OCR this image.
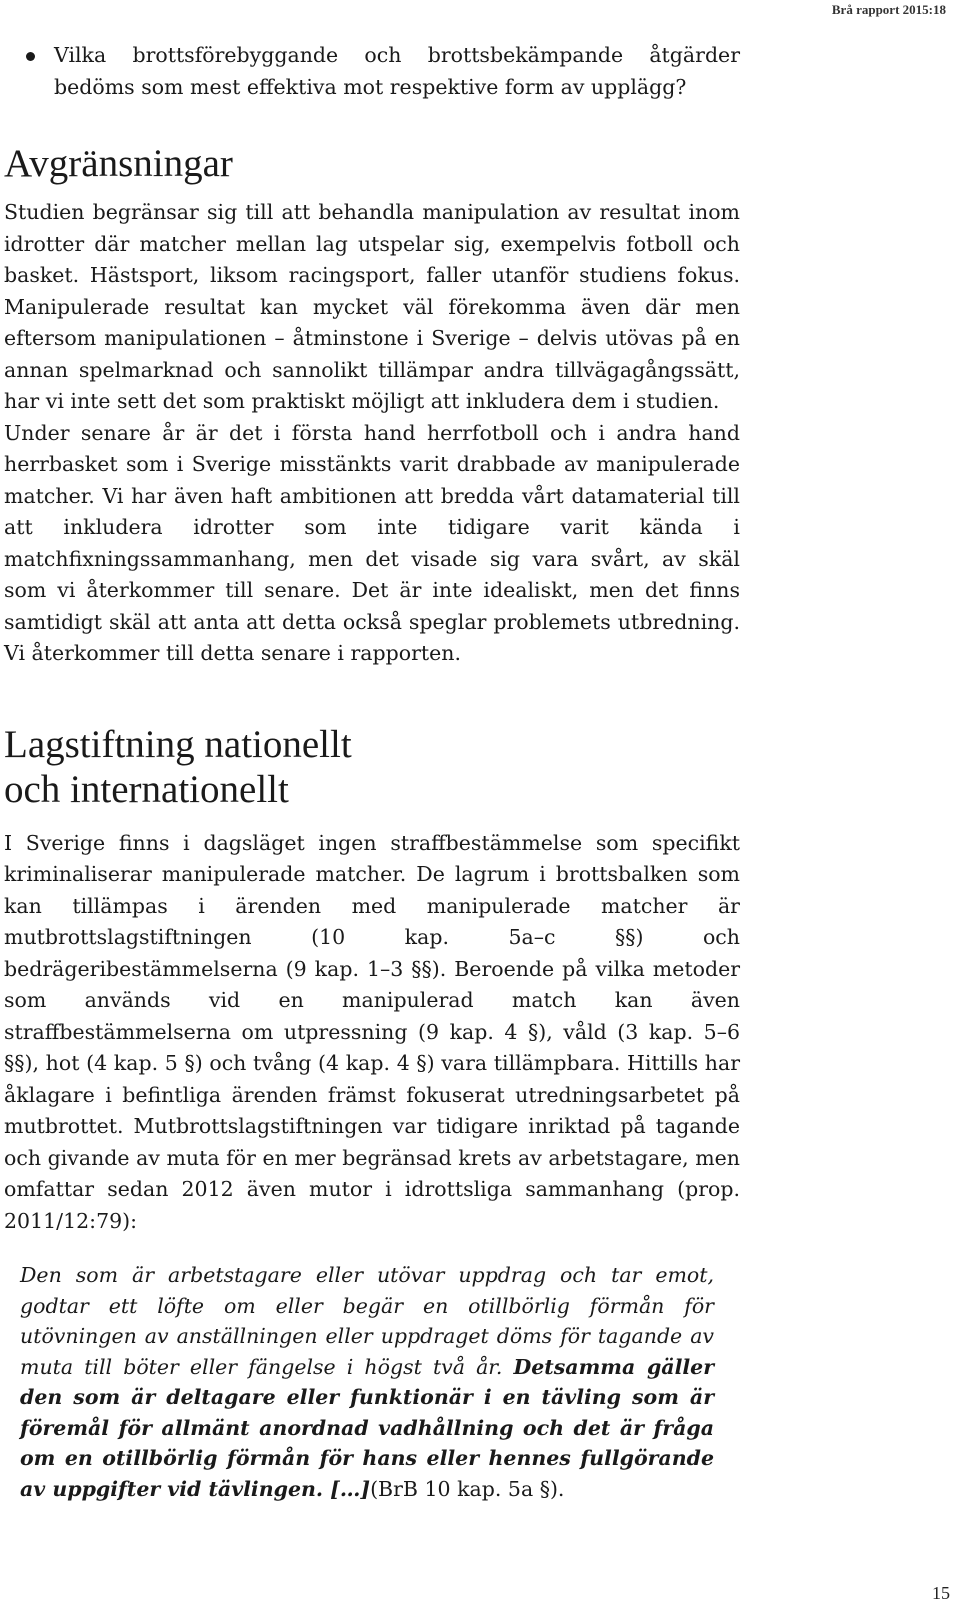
Brå rapport 2015:18

Vilka brottsförebyggande och brottsbekämpande åtgärder bedöms som mest effektiva mot respektive form av upplägg?

Avgränsningar

Studien begränsar sig till att behandla manipulation av resultat inom idrotter där matcher mellan lag utspelar sig, exempelvis fotboll och basket. Hästsport, liksom racingsport, faller utanför studiens fokus. Manipulerade resultat kan mycket väl förekomma även där men eftersom manipulationen – åtminstone i Sverige – delvis utövas på en annan spelmarknad och sannolikt tillämpar andra tillvägagångssätt, har vi inte sett det som praktiskt möjligt att inkludera dem i studien.

Under senare år är det i första hand herrfotboll och i andra hand herrbasket som i Sverige misstänkts varit drabbade av manipulerade matcher. Vi har även haft ambitionen att bredda vårt datamaterial till att inkludera idrotter som inte tidigare varit kända i matchfixningssammanhang, men det visade sig vara svårt, av skäl som vi återkommer till senare. Det är inte idealiskt, men det finns samtidigt skäl att anta att detta också speglar problemets utbredning. Vi återkommer till detta senare i rapporten.

Lagstiftning nationellt
och internationellt

I Sverige finns i dagsläget ingen straffbestämmelse som specifikt kriminaliserar manipulerade matcher. De lagrum i brottsbalken som kan tillämpas i ärenden med manipulerade matcher är mutbrottslagstiftningen (10 kap. 5a–c §§) och bedrägeribestämmelserna (9 kap. 1–3 §§). Beroende på vilka metoder som används vid en manipulerad match kan även straffbestämmelserna om utpressning (9 kap. 4 §), våld (3 kap. 5–6 §§), hot (4 kap. 5 §) och tvång (4 kap. 4 §) vara tillämpbara. Hittills har åklagare i befintliga ärenden främst fokuserat utredningsarbetet på mutbrottet. Mutbrottslagstiftningen var tidigare inriktad på tagande och givande av muta för en mer begränsad krets av arbetstagare, men omfattar sedan 2012 även mutor i idrottsliga sammanhang (prop. 2011/12:79):

Den som är arbetstagare eller utövar uppdrag och tar emot, godtar ett löfte om eller begär en otillbörlig förmån för utövningen av anställningen eller uppdraget döms för tagande av muta till böter eller fängelse i högst två år. Detsamma gäller den som är deltagare eller funktionär i en tävling som är föremål för allmänt anordnad vadhållning och det är fråga om en otillbörlig förmån för hans eller hennes fullgörande av uppgifter vid tävlingen. […](BrB 10 kap. 5a §).
15
